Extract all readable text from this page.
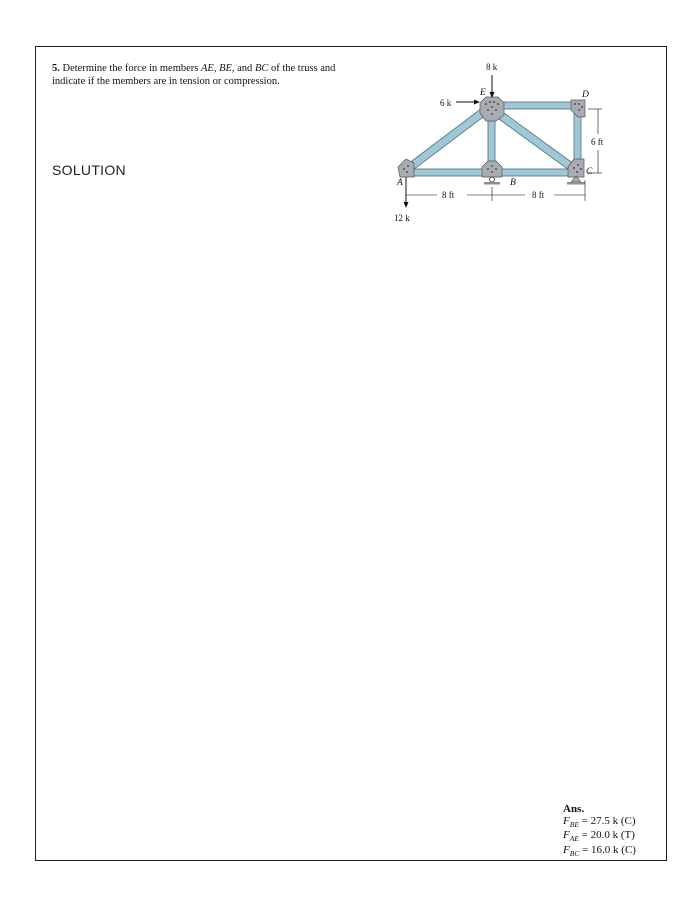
5. Determine the force in members AE, BE, and BC of the truss and indicate if the members are in tension or compression.
SOLUTION
8 k
6 k
12 k
8 ft	8 ft
6 ft
A	B
C
D
E
Ans.
$F_{BE} = 27.5$ k (C)
$F_{AE} = 20.0$ k (T)
$F_{BC} = 16.0$ k (C)
